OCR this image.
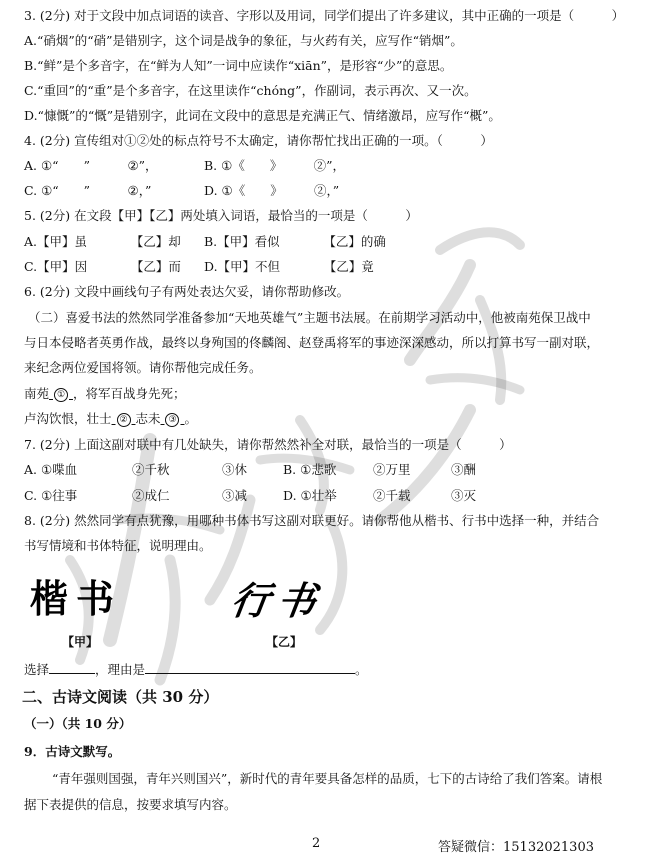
3. (2分) 对于文段中加点词语的读音、字形以及用词，同学们提出了许多建议，其中正确的一项是（　　　）
A.“硝烟”的“硝”是错别字，这个词是战争的象征，与火药有关，应写作“销烟”。
B.“鲜”是个多音字，在“鲜为人知”一词中应读作“xiān”，是形容“少”的意思。
C.“重回”的“重”是个多音字，在这里读作“chóng”，作副词，表示再次、又一次。
D.“慷慨”的“慨”是错别字，此词在文段中的意思是充满正气、情绪激昂，应写作“概”。
4. (2分) 宣传组对①②处的标点符号不太确定，请你帮忙找出正确的一项。（　　　）
A. ①“　　”　　　②”，	B. ①《　　》　　　②”，
C. ①“　　”　　　②，”	D. ①《　　》　　　②，”
5. (2分) 在文段【甲】【乙】两处填入词语，最恰当的一项是（　　　）
A.【甲】虽　　　　【乙】却 B.【甲】看似　　　　【乙】的确
C.【甲】因　　　　【乙】而 D.【甲】不但　　　　【乙】竟
6. (2分) 文段中画线句子有两处表达欠妥，请你帮助修改。
（二）喜爱书法的然然同学准备参加“天地英雄气”主题书法展。在前期学习活动中，他被南苑保卫战中
与日本侵略者英勇作战，最终以身殉国的佟麟阁、赵登禹将军的事迹深深感动，所以打算书写一副对联，
来纪念两位爱国将领。请你帮他完成任务。
南苑 ① ，将军百战身先死；
卢沟饮恨，壮士 ② 志未 ③ 。
7. (2分) 上面这副对联中有几处缺失，请你帮然然补全对联，最恰当的一项是（　　　）
A. ①喋血	②千秋	③休	B. ①悲歌	②万里	③酬
C. ①往事	②成仁	③减	D. ①壮举	②千载	③灭
8. (2分) 然然同学有点犹豫，用哪种书体书写这副对联更好。请你帮他从楷书、行书中选择一种，并结合
书写情境和书体特征，说明理由。
楷书	行书
【甲】	【乙】
选择	，理由是	。
二、古诗文阅读（共 30 分）
（一）（共 10 分）
9．古诗文默写。
“青年强则国强，青年兴则国兴”，新时代的青年要具备怎样的品质，七下的古诗给了我们答案。请根
据下表提供的信息，按要求填写内容。
2	答疑微信：15132021303
